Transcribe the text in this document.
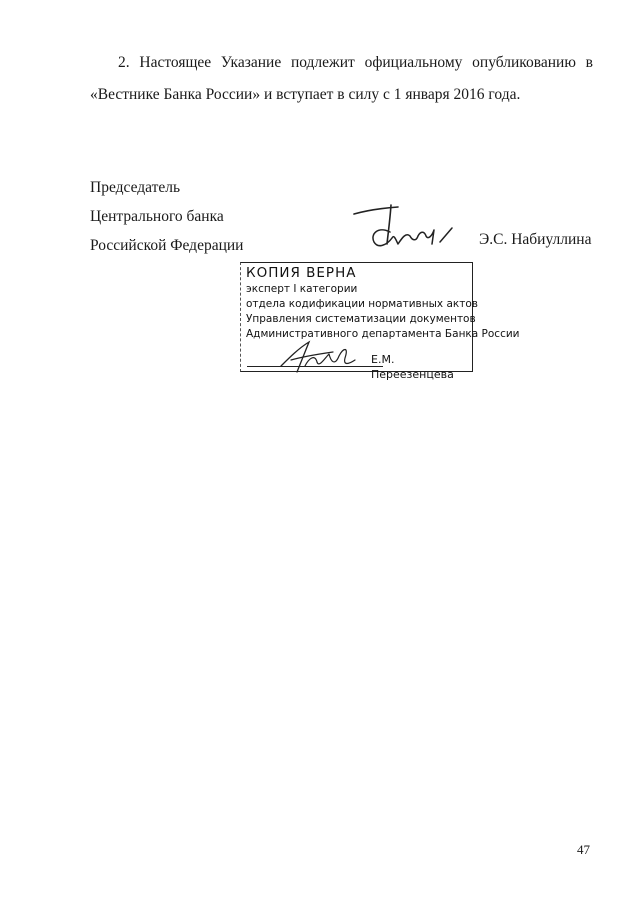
2. Настоящее Указание подлежит официальному опубликованию в
«Вестнике Банка России» и вступает в силу с 1 января 2016 года.
Председатель
Центрального банка
Российской Федерации	Э.С. Набиуллина
КОПИЯ ВЕРНА
эксперт I категории
отдела кодификации нормативных актов
Управления систематизации документов
Административного департамента Банка России
Е.М. Переезенцева
47
